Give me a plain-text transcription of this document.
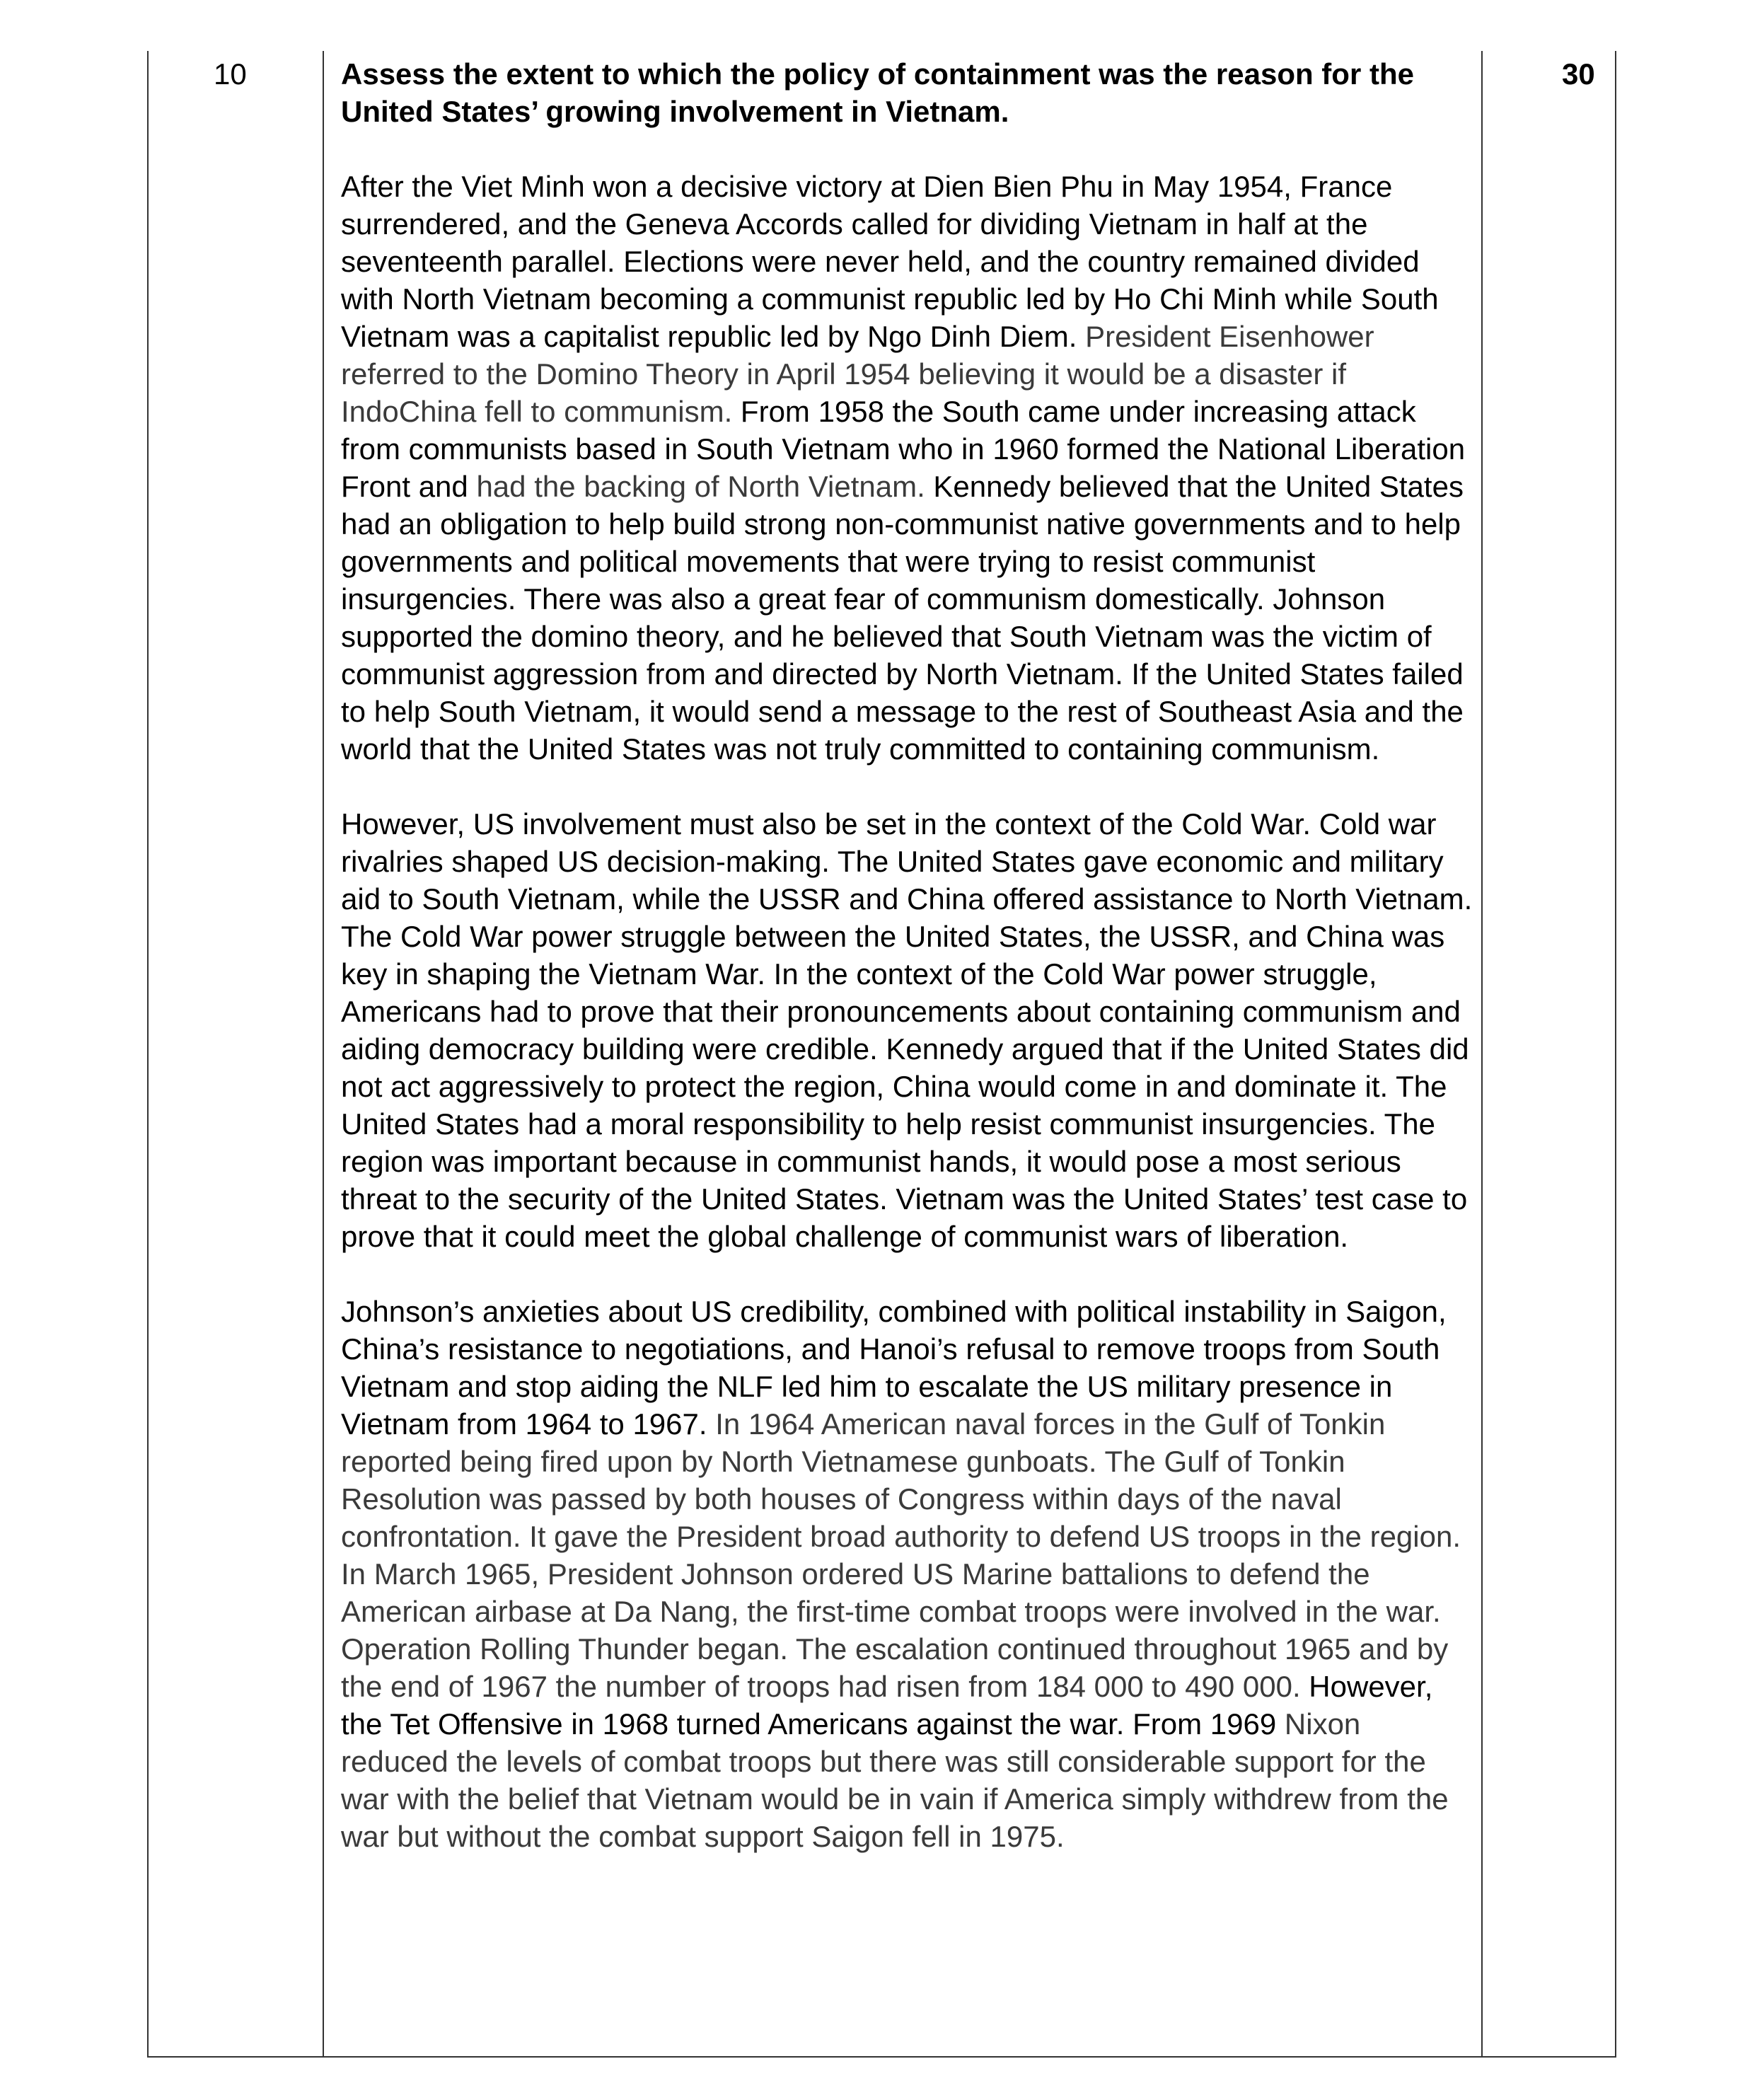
10	30

Assess the extent to which the policy of containment was the reason for the United States’ growing involvement in Vietnam.

After the Viet Minh won a decisive victory at Dien Bien Phu in May 1954, France surrendered, and the Geneva Accords called for dividing Vietnam in half at the seventeenth parallel. Elections were never held, and the country remained divided with North Vietnam becoming a communist republic led by Ho Chi Minh while South Vietnam was a capitalist republic led by Ngo Dinh Diem. President Eisenhower referred to the Domino Theory in April 1954 believing it would be a disaster if IndoChina fell to communism. From 1958 the South came under increasing attack from communists based in South Vietnam who in 1960 formed the National Liberation Front and had the backing of North Vietnam. Kennedy believed that the United States had an obligation to help build strong non-communist native governments and to help governments and political movements that were trying to resist communist insurgencies. There was also a great fear of communism domestically. Johnson supported the domino theory, and he believed that South Vietnam was the victim of communist aggression from and directed by North Vietnam. If the United States failed to help South Vietnam, it would send a message to the rest of Southeast Asia and the world that the United States was not truly committed to containing communism.

However, US involvement must also be set in the context of the Cold War. Cold war rivalries shaped US decision-making. The United States gave economic and military aid to South Vietnam, while the USSR and China offered assistance to North Vietnam. The Cold War power struggle between the United States, the USSR, and China was key in shaping the Vietnam War. In the context of the Cold War power struggle, Americans had to prove that their pronouncements about containing communism and aiding democracy building were credible. Kennedy argued that if the United States did not act aggressively to protect the region, China would come in and dominate it. The United States had a moral responsibility to help resist communist insurgencies. The region was important because in communist hands, it would pose a most serious threat to the security of the United States. Vietnam was the United States’ test case to prove that it could meet the global challenge of communist wars of liberation.

Johnson’s anxieties about US credibility, combined with political instability in Saigon, China’s resistance to negotiations, and Hanoi’s refusal to remove troops from South Vietnam and stop aiding the NLF led him to escalate the US military presence in Vietnam from 1964 to 1967. In 1964 American naval forces in the Gulf of Tonkin reported being fired upon by North Vietnamese gunboats. The Gulf of Tonkin Resolution was passed by both houses of Congress within days of the naval confrontation. It gave the President broad authority to defend US troops in the region. In March 1965, President Johnson ordered US Marine battalions to defend the American airbase at Da Nang, the first-time combat troops were involved in the war. Operation Rolling Thunder began. The escalation continued throughout 1965 and by the end of 1967 the number of troops had risen from 184 000 to 490 000. However, the Tet Offensive in 1968 turned Americans against the war. From 1969 Nixon reduced the levels of combat troops but there was still considerable support for the war with the belief that Vietnam would be in vain if America simply withdrew from the war but without the combat support Saigon fell in 1975.
